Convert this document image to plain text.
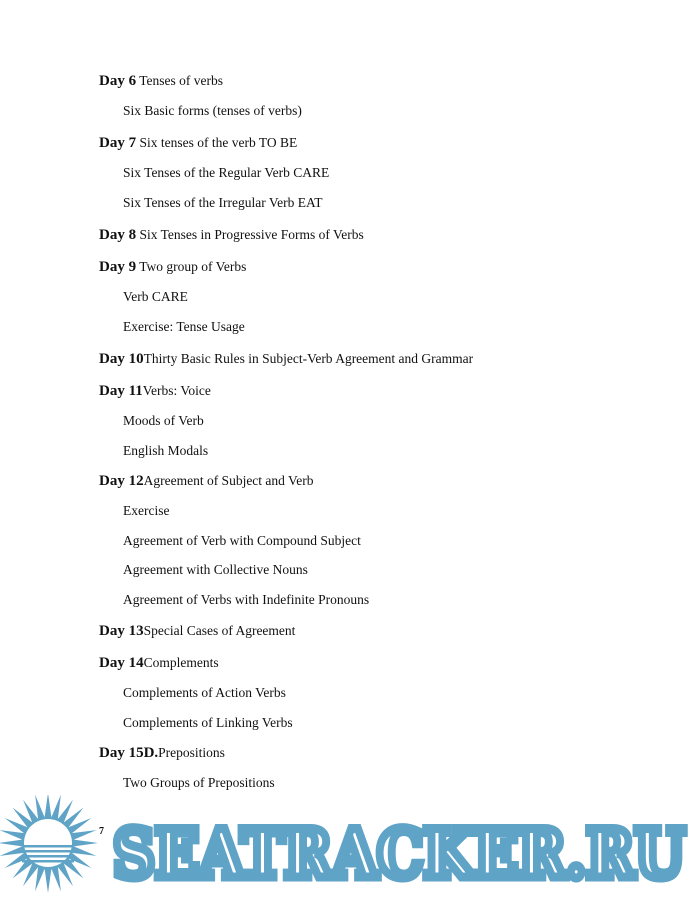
Day 6 Tenses of verbs

Six Basic forms (tenses of verbs)

Day 7 Six tenses of the verb TO BE

Six Tenses of the Regular Verb CARE

Six Tenses of the Irregular Verb EAT

Day 8 Six Tenses in Progressive Forms of Verbs

Day 9 Two group of Verbs

Verb CARE

Exercise: Tense Usage

Day 10Thirty Basic Rules in Subject-Verb Agreement and Grammar

Day 11Verbs: Voice

Moods of Verb

English Modals

Day 12Agreement of Subject and Verb

Exercise

Agreement of Verb with Compound Subject

Agreement with Collective Nouns

Agreement of Verbs with Indefinite Pronouns

Day 13Special Cases of Agreement

Day 14Complements

Complements of Action Verbs

Complements of Linking Verbs

Day 15D.Prepositions

Two Groups of Prepositions

7 SEATRACKER.RU
